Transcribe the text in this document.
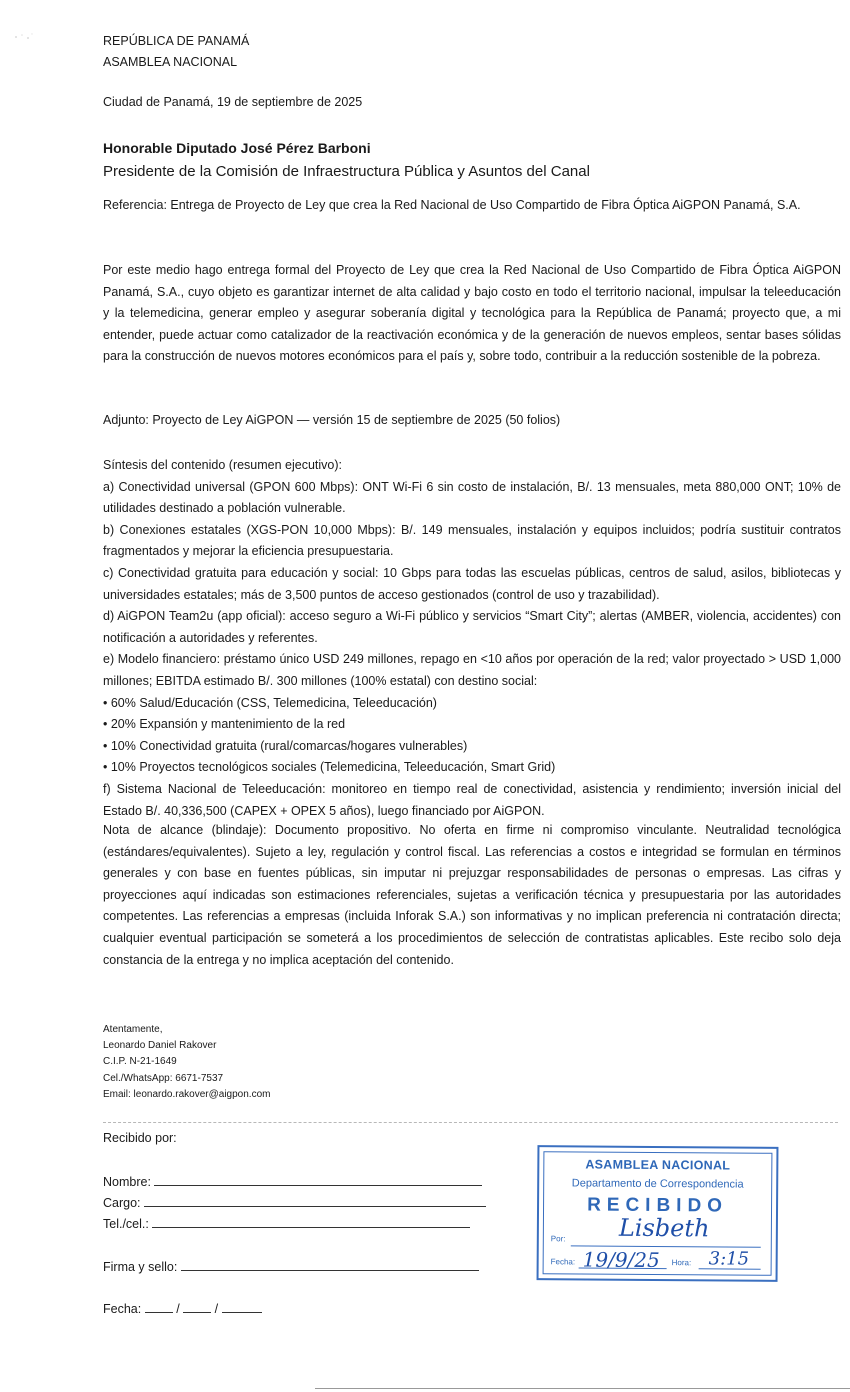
REPÚBLICA DE PANAMÁ
ASAMBLEA NACIONAL
Ciudad de Panamá, 19 de septiembre de 2025
Honorable Diputado José Pérez Barboni
Presidente de la Comisión de Infraestructura Pública y Asuntos del Canal
Referencia: Entrega de Proyecto de Ley que crea la Red Nacional de Uso Compartido de Fibra Óptica AiGPON Panamá, S.A.
Por este medio hago entrega formal del Proyecto de Ley que crea la Red Nacional de Uso Compartido de Fibra Óptica AiGPON Panamá, S.A., cuyo objeto es garantizar internet de alta calidad y bajo costo en todo el territorio nacional, impulsar la teleeducación y la telemedicina, generar empleo y asegurar soberanía digital y tecnológica para la República de Panamá; proyecto que, a mi entender, puede actuar como catalizador de la reactivación económica y de la generación de nuevos empleos, sentar bases sólidas para la construcción de nuevos motores económicos para el país y, sobre todo, contribuir a la reducción sostenible de la pobreza.
Adjunto: Proyecto de Ley AiGPON — versión 15 de septiembre de 2025 (50 folios)

Síntesis del contenido (resumen ejecutivo):

a) Conectividad universal (GPON 600 Mbps): ONT Wi-Fi 6 sin costo de instalación, B/. 13 mensuales, meta 880,000 ONT; 10% de utilidades destinado a población vulnerable.

b) Conexiones estatales (XGS-PON 10,000 Mbps): B/. 149 mensuales, instalación y equipos incluidos; podría sustituir contratos fragmentados y mejorar la eficiencia presupuestaria.

c) Conectividad gratuita para educación y social: 10 Gbps para todas las escuelas públicas, centros de salud, asilos, bibliotecas y universidades estatales; más de 3,500 puntos de acceso gestionados (control de uso y trazabilidad).

d) AiGPON Team2u (app oficial): acceso seguro a Wi-Fi público y servicios “Smart City”; alertas (AMBER, violencia, accidentes) con notificación a autoridades y referentes.

e) Modelo financiero: préstamo único USD 249 millones, repago en <10 años por operación de la red; valor proyectado > USD 1,000 millones; EBITDA estimado B/. 300 millones (100% estatal) con destino social:

• 60% Salud/Educación (CSS, Telemedicina, Teleeducación)

• 20% Expansión y mantenimiento de la red

• 10% Conectividad gratuita (rural/comarcas/hogares vulnerables)

• 10% Proyectos tecnológicos sociales (Telemedicina, Teleeducación, Smart Grid)

f) Sistema Nacional de Teleeducación: monitoreo en tiempo real de conectividad, asistencia y rendimiento; inversión inicial del Estado B/. 40,336,500 (CAPEX + OPEX 5 años), luego financiado por AiGPON.

Nota de alcance (blindaje): Documento propositivo. No oferta en firme ni compromiso vinculante. Neutralidad tecnológica (estándares/equivalentes). Sujeto a ley, regulación y control fiscal. Las referencias a costos e integridad se formulan en términos generales y con base en fuentes públicas, sin imputar ni prejuzgar responsabilidades de personas o empresas. Las cifras y proyecciones aquí indicadas son estimaciones referenciales, sujetas a verificación técnica y presupuestaria por las autoridades competentes. Las referencias a empresas (incluida Inforak S.A.) son informativas y no implican preferencia ni contratación directa; cualquier eventual participación se someterá a los procedimientos de selección de contratistas aplicables. Este recibo solo deja constancia de la entrega y no implica aceptación del contenido.
Atentamente,
Leonardo Daniel Rakover
C.I.P. N-21-1649
Cel./WhatsApp: 6671-7537
Email: leonardo.rakover@aigpon.com
Recibido por:
Nombre:
Cargo:
Tel./cel.:
Firma y sello:
Fecha:	/	/
ASAMBLEA NACIONAL
Departamento de Correspondencia
RECIBIDO
Por: Lisbeth
Fecha: 19/9/25 Hora: 3:15
